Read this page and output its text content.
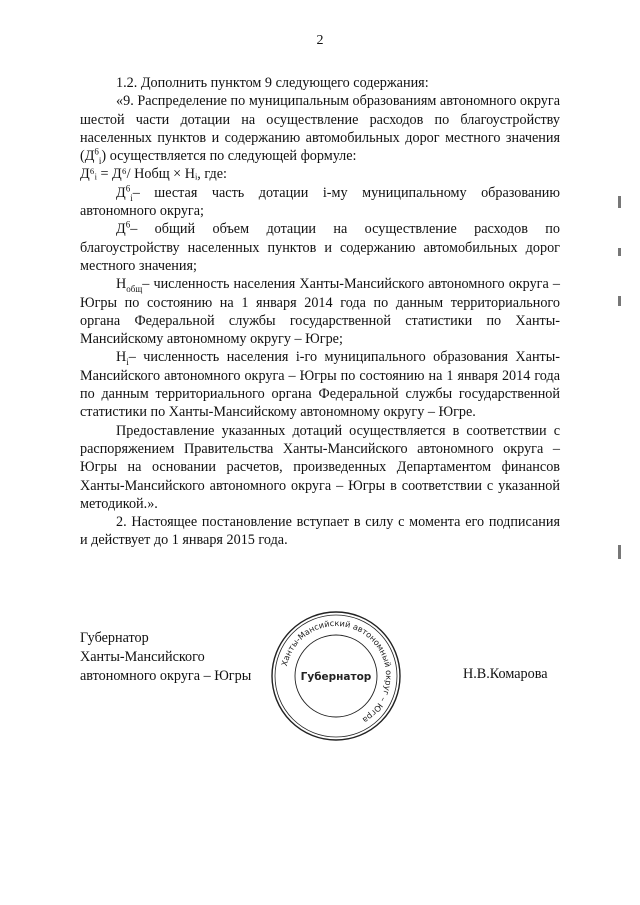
2

1.2. Дополнить пунктом 9 следующего содержания:

«9. Распределение по муниципальным образованиям автономного округа шестой части дотации на осуществление расходов по благоустройству населенных пунктов и содержанию автомобильных дорог местного значения $(Д^6_i)$ осуществляется по следующей формуле:

Д⁶ᵢ = Д⁶/ Hобщ × Hᵢ, где:

$Д^6_i-$ шестая часть дотации i-му муниципальному образованию автономного округа;

$Д^6-$ общий объем дотации на осуществление расходов по благоустройству населенных пунктов и содержанию автомобильных дорог местного значения;

$H_{общ}-$ численность населения Ханты-Мансийского автономного округа – Югры по состоянию на 1 января 2014 года по данным территориального органа Федеральной службы государственной статистики по Ханты-Мансийскому автономному округу – Югре;

$H_i-$ численность населения i-го муниципального образования Ханты-Мансийского автономного округа – Югры по состоянию на 1 января 2014 года по данным территориального органа Федеральной службы государственной статистики по Ханты-Мансийскому автономному округу – Югре.

Предоставление указанных дотаций осуществляется в соответствии с распоряжением Правительства Ханты-Мансийского автономного округа – Югры на основании расчетов, произведенных Департаментом финансов Ханты-Мансийского автономного округа – Югры в соответствии с указанной методикой.».

2. Настоящее постановление вступает в силу с момента его подписания и действует до 1 января 2015 года.

Губернатор
Ханты-Мансийского
автономного округа – Югры
Ханты-Мансийский автономный округ – Югра
Губернатор	Н.В.Комарова
